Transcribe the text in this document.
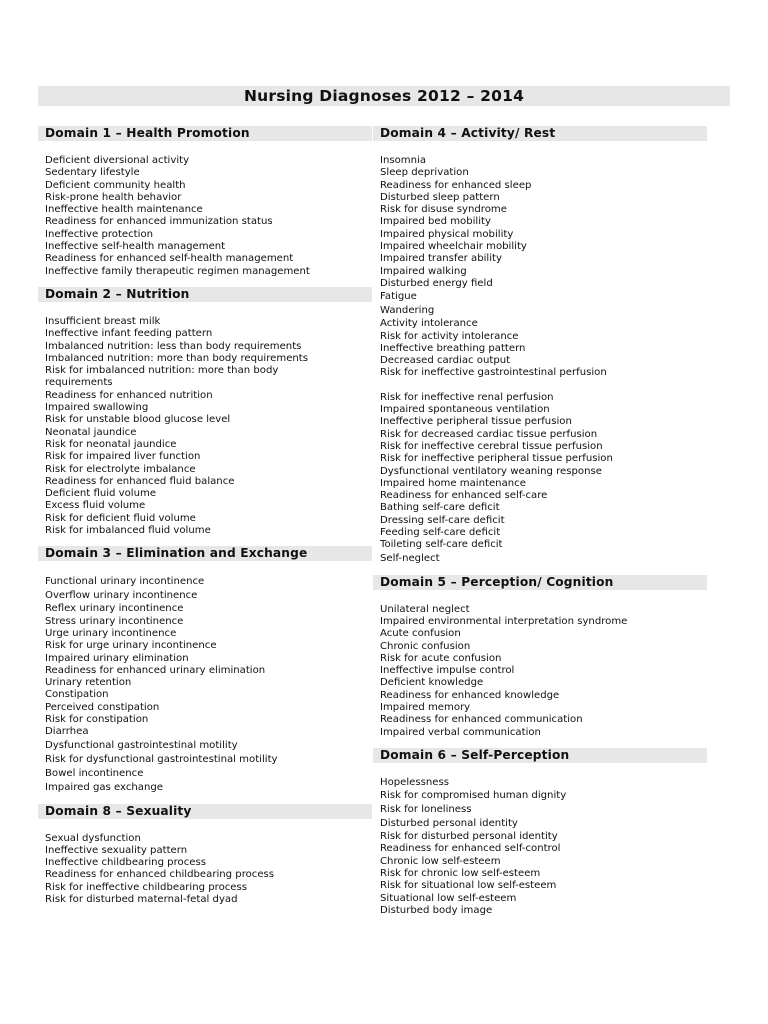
Nursing Diagnoses 2012 – 2014
Domain 1 – Health Promotion
Deficient diversional activity
Sedentary lifestyle
Deficient community health
Risk-prone health behavior
Ineffective health maintenance
Readiness for enhanced immunization status
Ineffective protection
Ineffective self-health management
Readiness for enhanced self-health management
Ineffective family therapeutic regimen management
Domain 2 – Nutrition
Insufficient breast milk
Ineffective infant feeding pattern
Imbalanced nutrition: less than body requirements
Imbalanced nutrition: more than body requirements
Risk for imbalanced nutrition: more than body requirements
Readiness for enhanced nutrition
Impaired swallowing
Risk for unstable blood glucose level
Neonatal jaundice
Risk for neonatal jaundice
Risk for impaired liver function
Risk for electrolyte imbalance
Readiness for enhanced fluid balance
Deficient fluid volume
Excess fluid volume
Risk for deficient fluid volume
Risk for imbalanced fluid volume
Domain 3 – Elimination and Exchange
Functional urinary incontinence
Overflow urinary incontinence
Reflex urinary incontinence
Stress urinary incontinence
Urge urinary incontinence
Risk for urge urinary incontinence
Impaired urinary elimination
Readiness for enhanced urinary elimination
Urinary retention
Constipation
Perceived constipation
Risk for constipation
Diarrhea
Dysfunctional gastrointestinal motility
Risk for dysfunctional gastrointestinal motility
Bowel incontinence
Impaired gas exchange
Domain 8 – Sexuality
Sexual dysfunction
Ineffective sexuality pattern
Ineffective childbearing process
Readiness for enhanced childbearing process
Risk for ineffective childbearing process
Risk for disturbed maternal-fetal dyad
Domain 4 – Activity/ Rest
Insomnia
Sleep deprivation
Readiness for enhanced sleep
Disturbed sleep pattern
Risk for disuse syndrome
Impaired bed mobility
Impaired physical mobility
Impaired wheelchair mobility
Impaired transfer ability
Impaired walking
Disturbed energy field
Fatigue
Wandering
Activity intolerance
Risk for activity intolerance
Ineffective breathing pattern
Decreased cardiac output
Risk for ineffective gastrointestinal perfusion
Risk for ineffective renal perfusion
Impaired spontaneous ventilation
Ineffective peripheral tissue perfusion
Risk for decreased cardiac tissue perfusion
Risk for ineffective cerebral tissue perfusion
Risk for ineffective peripheral tissue perfusion
Dysfunctional ventilatory weaning response
Impaired home maintenance
Readiness for enhanced self-care
Bathing self-care deficit
Dressing self-care deficit
Feeding self-care deficit
Toileting self-care deficit
Self-neglect
Domain 5 – Perception/ Cognition
Unilateral neglect
Impaired environmental interpretation syndrome
Acute confusion
Chronic confusion
Risk for acute confusion
Ineffective impulse control
Deficient knowledge
Readiness for enhanced knowledge
Impaired memory
Readiness for enhanced communication
Impaired verbal communication
Domain 6 – Self-Perception
Hopelessness
Risk for compromised human dignity
Risk for loneliness
Disturbed personal identity
Risk for disturbed personal identity
Readiness for enhanced self-control
Chronic low self-esteem
Risk for chronic low self-esteem
Risk for situational low self-esteem
Situational low self-esteem
Disturbed body image
